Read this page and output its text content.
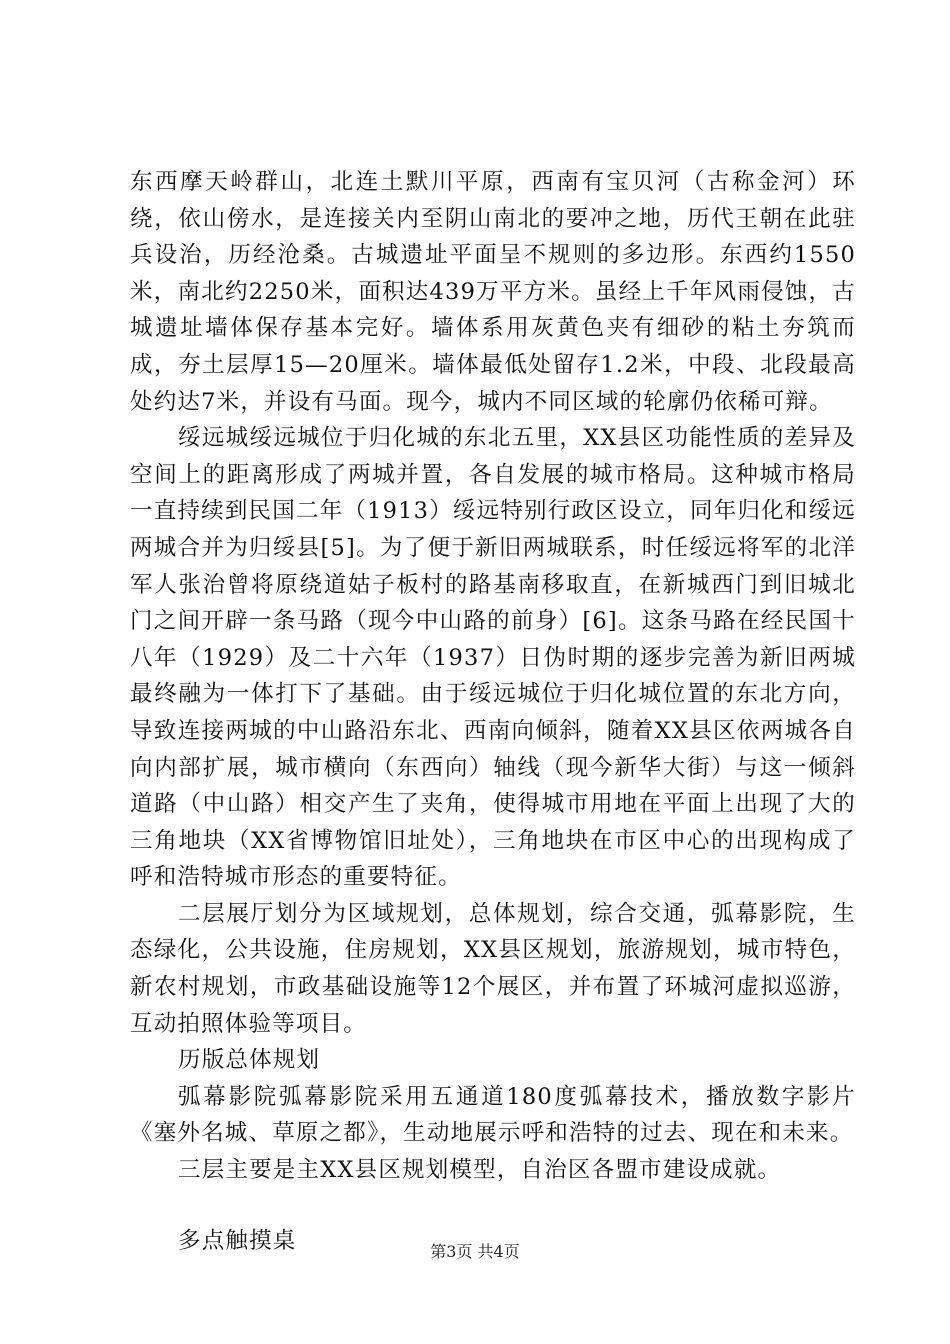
东西摩天岭群山，北连土默川平原，西南有宝贝河（古称金河）环绕，依山傍水，是连接关内至阴山南北的要冲之地，历代王朝在此驻兵设治，历经沧桑。古城遗址平面呈不规则的多边形。东西约1550米，南北约2250米，面积达439万平方米。虽经上千年风雨侵蚀，古城遗址墙体保存基本完好。墙体系用灰黄色夹有细砂的粘土夯筑而成，夯土层厚15—20厘米。墙体最低处留存1.2米，中段、北段最高处约达7米，并设有马面。现今，城内不同区域的轮廓仍依稀可辩。

绥远城绥远城位于归化城的东北五里，XX县区功能性质的差异及空间上的距离形成了两城并置，各自发展的城市格局。这种城市格局一直持续到民国二年（1913）绥远特别行政区设立，同年归化和绥远两城合并为归绥县[5]。为了便于新旧两城联系，时任绥远将军的北洋军人张治曾将原绕道姑子板村的路基南移取直，在新城西门到旧城北门之间开辟一条马路（现今中山路的前身）[6]。这条马路在经民国十八年（1929）及二十六年（1937）日伪时期的逐步完善为新旧两城最终融为一体打下了基础。由于绥远城位于归化城位置的东北方向，导致连接两城的中山路沿东北、西南向倾斜，随着XX县区依两城各自向内部扩展，城市横向（东西向）轴线（现今新华大街）与这一倾斜道路（中山路）相交产生了夹角，使得城市用地在平面上出现了大的三角地块（XX省博物馆旧址处），三角地块在市区中心的出现构成了呼和浩特城市形态的重要特征。

二层展厅划分为区域规划，总体规划，综合交通，弧幕影院，生态绿化，公共设施，住房规划，XX县区规划，旅游规划，城市特色，新农村规划，市政基础设施等12个展区，并布置了环城河虚拟巡游，互动拍照体验等项目。

历版总体规划

弧幕影院弧幕影院采用五通道180度弧幕技术，播放数字影片《塞外名城、草原之都》，生动地展示呼和浩特的过去、现在和未来。

三层主要是主XX县区规划模型，自治区各盟市建设成就。

多点触摸桌	第3页 共4页
